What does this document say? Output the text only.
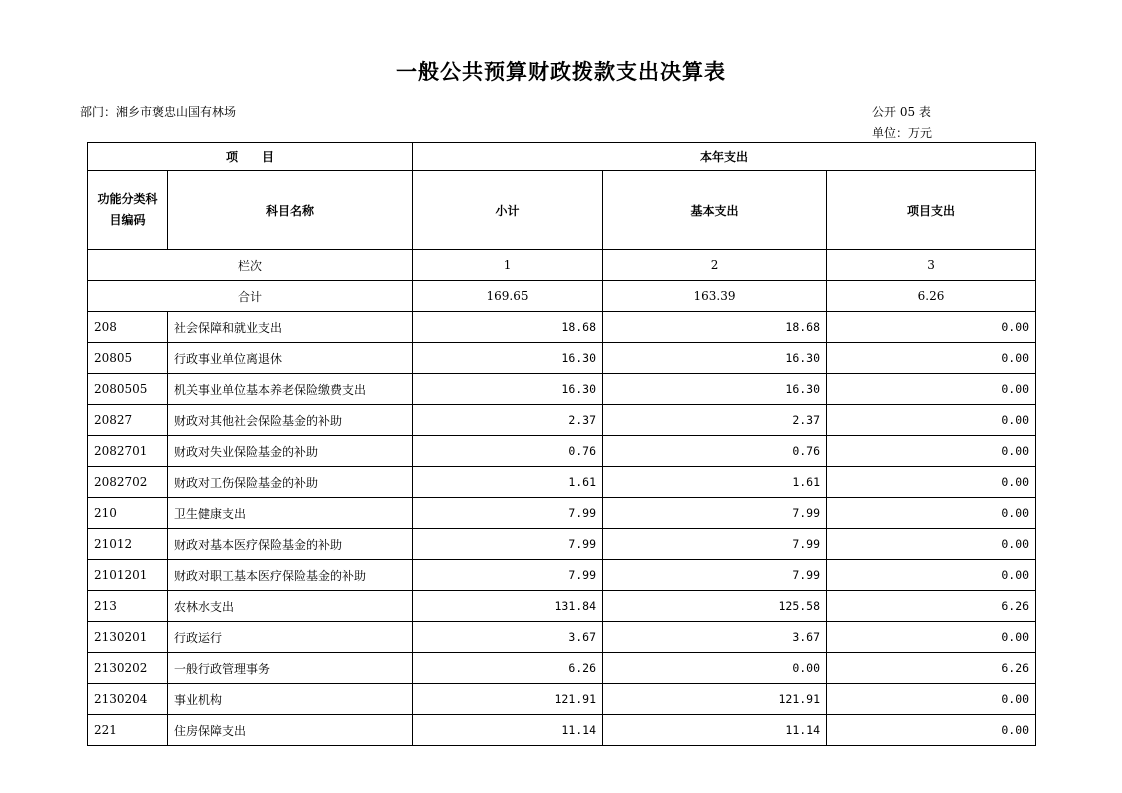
一般公共预算财政拨款支出决算表
部门：湘乡市褒忠山国有林场	公开 05 表
单位：万元
项　　目		本年支出		
功能分类科目编码	科目名称	小计	基本支出	项目支出
栏次		1	2	3
合计		169.65	163.39	6.26
208	社会保障和就业支出	18.68	18.68	0.00
20805	行政事业单位离退休	16.30	16.30	0.00
2080505	机关事业单位基本养老保险缴费支出	16.30	16.30	0.00
20827	财政对其他社会保险基金的补助	2.37	2.37	0.00
2082701	财政对失业保险基金的补助	0.76	0.76	0.00
2082702	财政对工伤保险基金的补助	1.61	1.61	0.00
210	卫生健康支出	7.99	7.99	0.00
21012	财政对基本医疗保险基金的补助	7.99	7.99	0.00
2101201	财政对职工基本医疗保险基金的补助	7.99	7.99	0.00
213	农林水支出	131.84	125.58	6.26
2130201	行政运行	3.67	3.67	0.00
2130202	一般行政管理事务	6.26	0.00	6.26
2130204	事业机构	121.91	121.91	0.00
221	住房保障支出	11.14	11.14	0.00
